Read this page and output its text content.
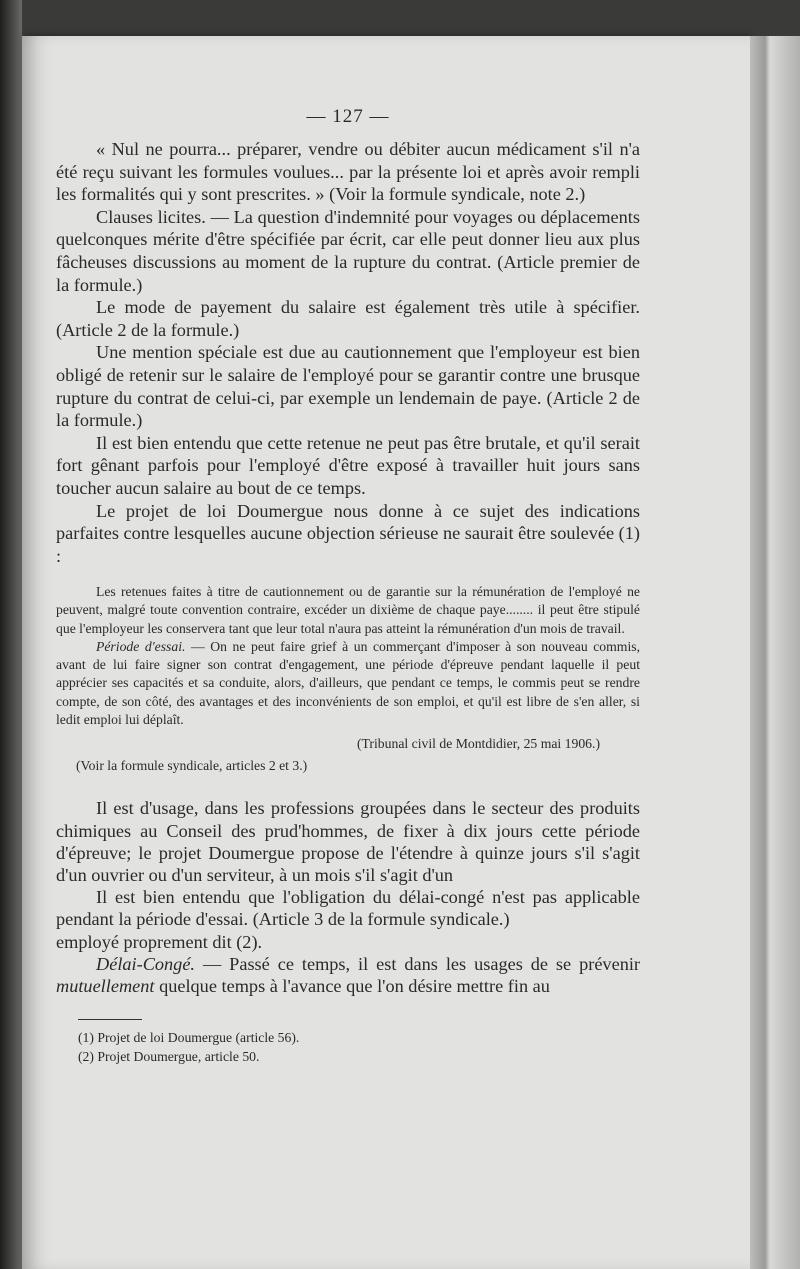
— 127 —

« Nul ne pourra... préparer, vendre ou débiter aucun médicament s'il n'a été reçu suivant les formules voulues... par la présente loi et après avoir rempli les formalités qui y sont prescrites. » (Voir la formule syndicale, note 2.)

Clauses licites. — La question d'indemnité pour voyages ou déplacements quelconques mérite d'être spécifiée par écrit, car elle peut donner lieu aux plus fâcheuses discussions au moment de la rupture du contrat. (Article premier de la formule.)

Le mode de payement du salaire est également très utile à spécifier. (Article 2 de la formule.)

Une mention spéciale est due au cautionnement que l'employeur est bien obligé de retenir sur le salaire de l'employé pour se garantir contre une brusque rupture du contrat de celui-ci, par exemple un lendemain de paye. (Article 2 de la formule.)

Il est bien entendu que cette retenue ne peut pas être brutale, et qu'il serait fort gênant parfois pour l'employé d'être exposé à travailler huit jours sans toucher aucun salaire au bout de ce temps.

Le projet de loi Doumergue nous donne à ce sujet des indications parfaites contre lesquelles aucune objection sérieuse ne saurait être soulevée (1) :

Les retenues faites à titre de cautionnement ou de garantie sur la rémunération de l'employé ne peuvent, malgré toute convention contraire, excéder un dixième de chaque paye........ il peut être stipulé que l'employeur les conservera tant que leur total n'aura pas atteint la rémunération d'un mois de travail.

Période d'essai. — On ne peut faire grief à un commerçant d'imposer à son nouveau commis, avant de lui faire signer son contrat d'engagement, une période d'épreuve pendant laquelle il peut apprécier ses capacités et sa conduite, alors, d'ailleurs, que pendant ce temps, le commis peut se rendre compte, de son côté, des avantages et des inconvénients de son emploi, et qu'il est libre de s'en aller, si ledit emploi lui déplaît.

(Tribunal civil de Montdidier, 25 mai 1906.)

(Voir la formule syndicale, articles 2 et 3.)

Il est d'usage, dans les professions groupées dans le secteur des produits chimiques au Conseil des prud'hommes, de fixer à dix jours cette période d'épreuve; le projet Doumergue propose de l'étendre à quinze jours s'il s'agit d'un ouvrier ou d'un serviteur, à un mois s'il s'agit d'un

Il est bien entendu que l'obligation du délai-congé n'est pas applicable pendant la période d'essai. (Article 3 de la formule syndicale.)

employé proprement dit (2).

Délai-Congé. — Passé ce temps, il est dans les usages de se prévenir mutuellement quelque temps à l'avance que l'on désire mettre fin au

(1) Projet de loi Doumergue (article 56).

(2) Projet Doumergue, article 50.
